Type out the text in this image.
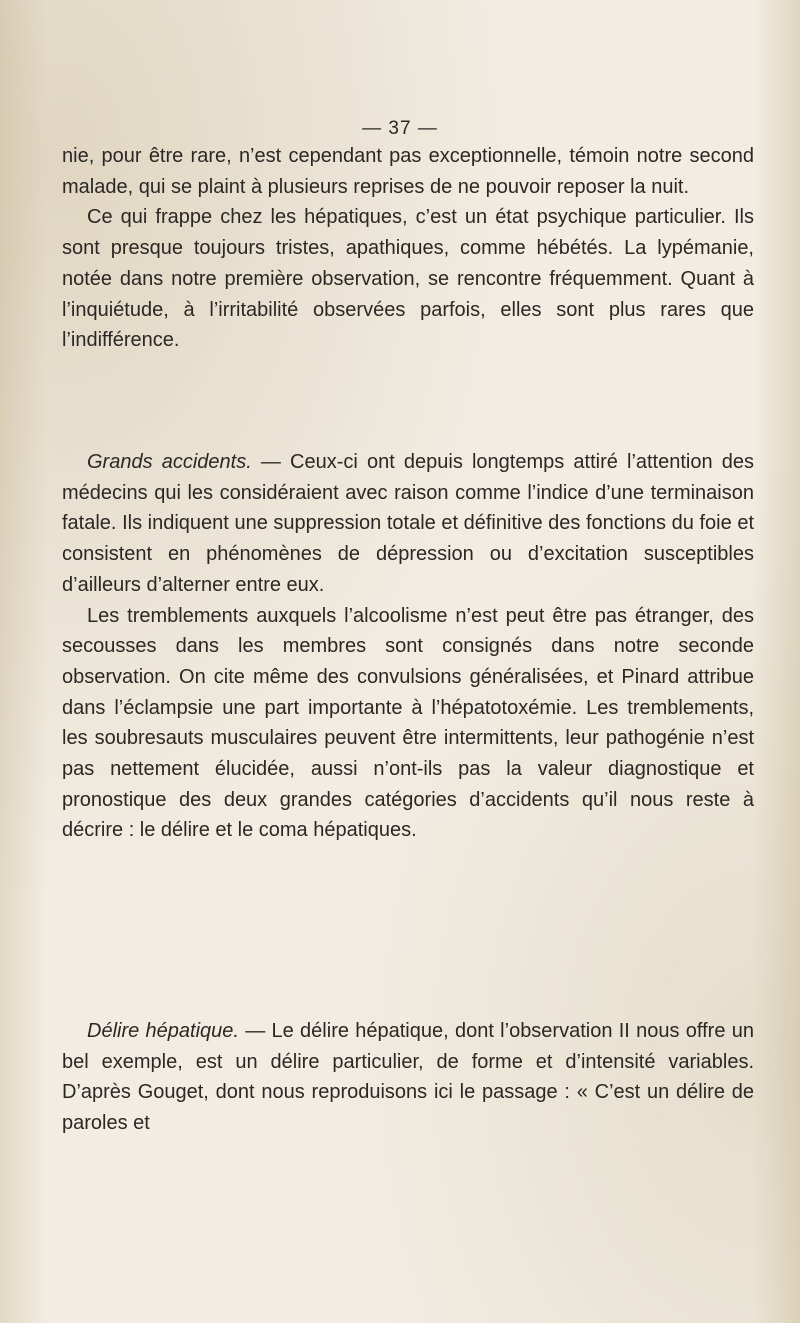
— 37 —

nie, pour être rare, n’est cependant pas exceptionnelle, témoin notre second malade, qui se plaint à plusieurs reprises de ne pouvoir reposer la nuit.

Ce qui frappe chez les hépatiques, c’est un état psychique particulier. Ils sont presque toujours tristes, apathiques, comme hébétés. La lypémanie, notée dans notre première observation, se rencontre fréquemment. Quant à l’inquiétude, à l’irritabilité observées parfois, elles sont plus rares que l’indifférence.

Grands accidents. — Ceux-ci ont depuis longtemps attiré l’attention des médecins qui les considéraient avec raison comme l’indice d’une terminaison fatale. Ils indiquent une suppression totale et définitive des fonctions du foie et consistent en phénomènes de dépression ou d’excitation susceptibles d’ailleurs d’alterner entre eux.

Les tremblements auxquels l’alcoolisme n’est peut être pas étranger, des secousses dans les membres sont consignés dans notre seconde observation. On cite même des convulsions généralisées, et Pinard attribue dans l’éclampsie une part importante à l’hépatotoxémie. Les tremblements, les soubresauts musculaires peuvent être intermittents, leur pathogénie n’est pas nettement élucidée, aussi n’ont-ils pas la valeur diagnostique et pronostique des deux grandes catégories d’accidents qu’il nous reste à décrire : le délire et le coma hépatiques.

Délire hépatique. — Le délire hépatique, dont l’observation II nous offre un bel exemple, est un délire particulier, de forme et d’intensité variables. D’après Gouget, dont nous reproduisons ici le passage : « C’est un délire de paroles et
